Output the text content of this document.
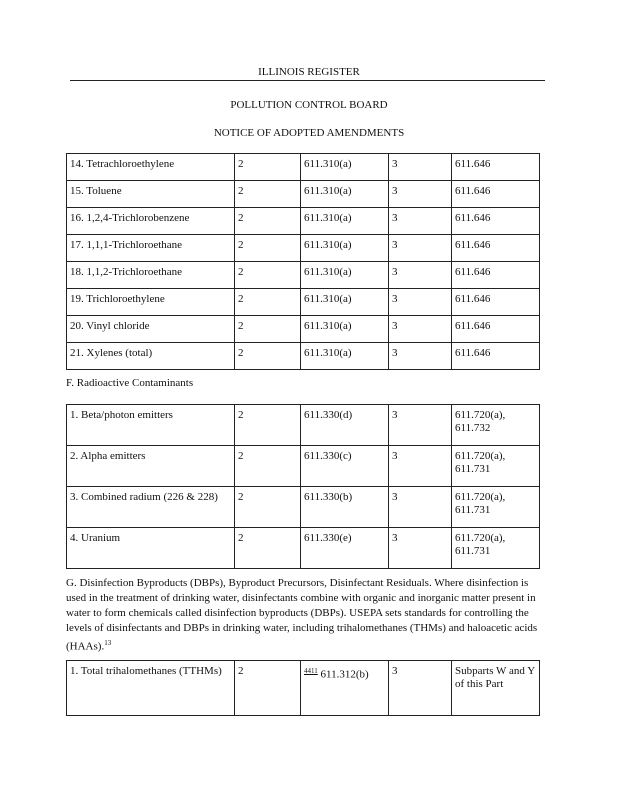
ILLINOIS REGISTER
POLLUTION CONTROL BOARD
NOTICE OF ADOPTED AMENDMENTS
14. Tetrachloroethylene	2	611.310(a)	3	611.646
15. Toluene	2	611.310(a)	3	611.646
16. 1,2,4-Trichlorobenzene	2	611.310(a)	3	611.646
17. 1,1,1-Trichloroethane	2	611.310(a)	3	611.646
18. 1,1,2-Trichloroethane	2	611.310(a)	3	611.646
19. Trichloroethylene	2	611.310(a)	3	611.646
20. Vinyl chloride	2	611.310(a)	3	611.646
21. Xylenes (total)	2	611.310(a)	3	611.646
F. Radioactive Contaminants
1. Beta/photon emitters	2	611.330(d)	3	611.720(a), 611.732
2. Alpha emitters	2	611.330(c)	3	611.720(a), 611.731
3. Combined radium (226 & 228)	2	611.330(b)	3	611.720(a), 611.731
4. Uranium	2	611.330(e)	3	611.720(a), 611.731
G. Disinfection Byproducts (DBPs), Byproduct Precursors, Disinfectant Residuals. Where disinfection is used in the treatment of drinking water, disinfectants combine with organic and inorganic matter present in water to form chemicals called disinfection byproducts (DBPs). USEPA sets standards for controlling the levels of disinfectants and DBPs in drinking water, including trihalomethanes (THMs) and haloacetic acids (HAAs).$^{13}$
1. Total trihalomethanes (TTHMs)	2	$^{4411}$ 611.312(b)	3	Subparts W and Y of this Part
